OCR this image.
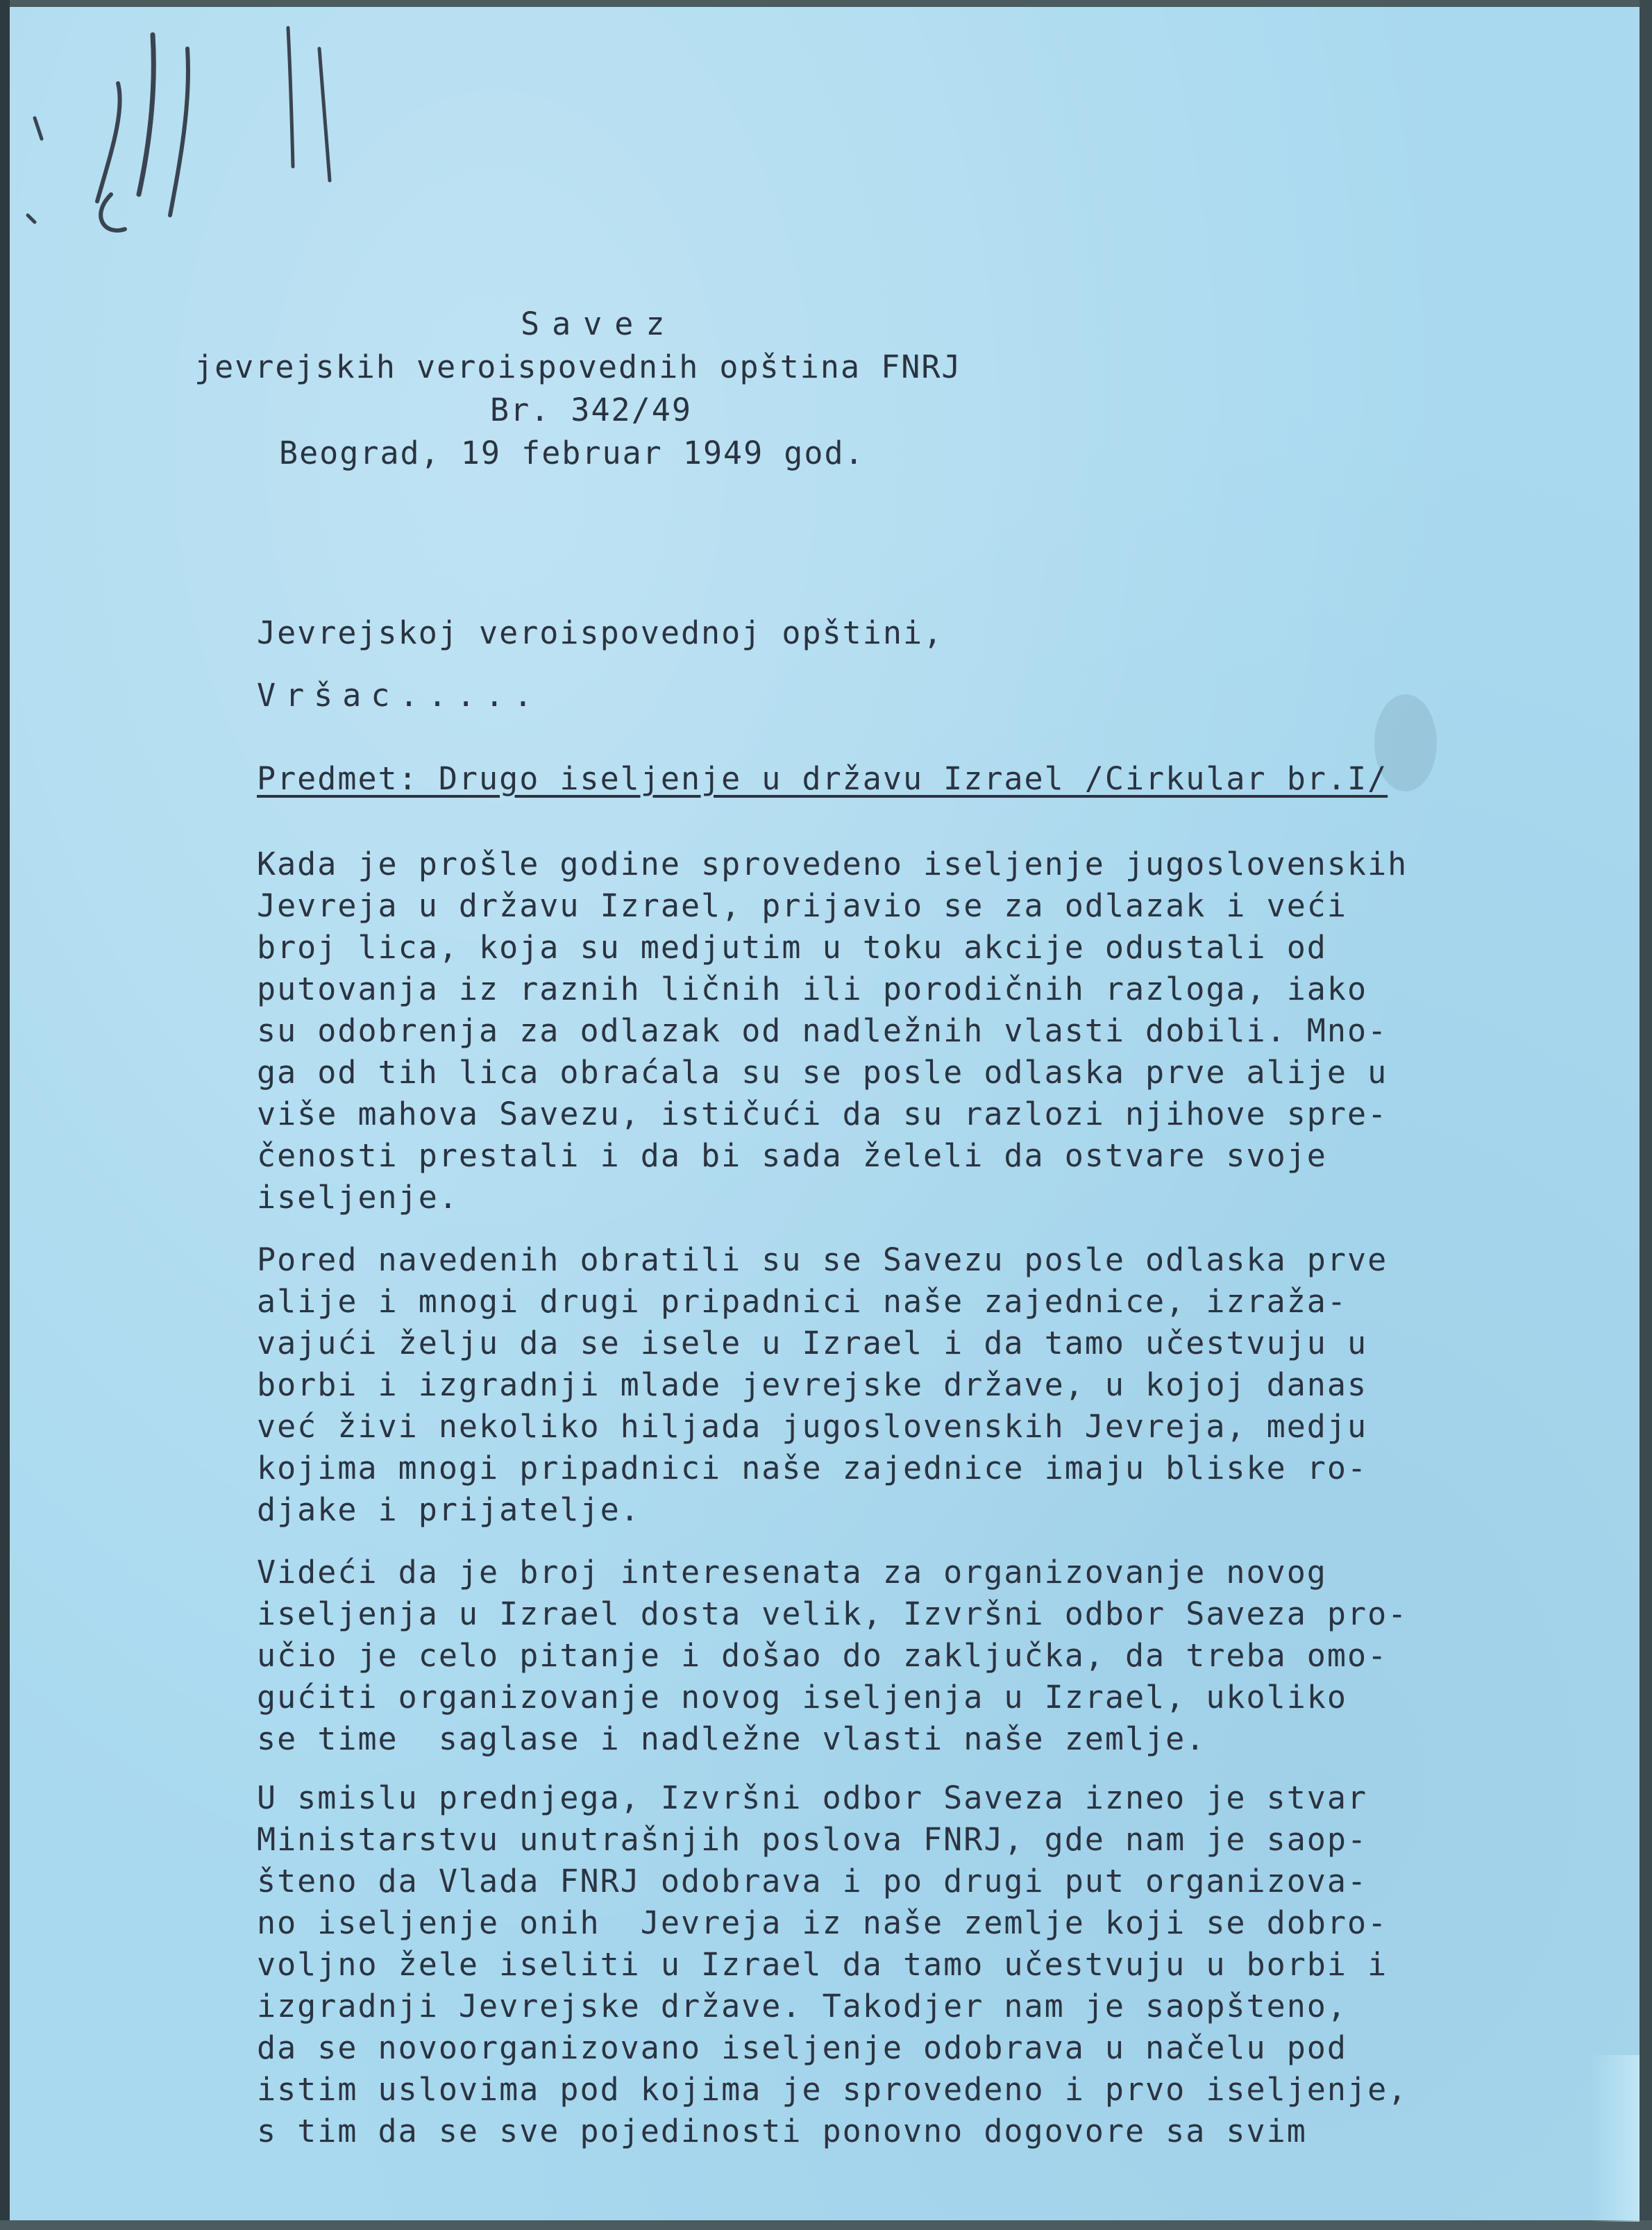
Savez

jevrejskih veroispovednih opština FNRJ

Br. 342/49

Beograd, 19 februar 1949 god.

Jevrejskoj veroispovednoj opštini,

Vršac.....

Predmet: Drugo iseljenje u državu Izrael /Cirkular br.I/

Kada je prošle godine sprovedeno iseljenje jugoslovenskih
Jevreja u državu Izrael, prijavio se za odlazak i veći
broj lica, koja su medjutim u toku akcije odustali od
putovanja iz raznih ličnih ili porodičnih razloga, iako
su odobrenja za odlazak od nadležnih vlasti dobili. Mno-
ga od tih lica obraćala su se posle odlaska prve alije u
više mahova Savezu, ističući da su razlozi njihove spre-
čenosti prestali i da bi sada želeli da ostvare svoje
iseljenje.
Pored navedenih obratili su se Savezu posle odlaska prve
alije i mnogi drugi pripadnici naše zajednice, izraža-
vajući želju da se isele u Izrael i da tamo učestvuju u
borbi i izgradnji mlade jevrejske države, u kojoj danas
već živi nekoliko hiljada jugoslovenskih Jevreja, medju
kojima mnogi pripadnici naše zajednice imaju bliske ro-
djake i prijatelje.
Videći da je broj interesenata za organizovanje novog
iseljenja u Izrael dosta velik, Izvršni odbor Saveza pro-
učio je celo pitanje i došao do zaključka, da treba omo-
gućiti organizovanje novog iseljenja u Izrael, ukoliko
se time  saglase i nadležne vlasti naše zemlje.
U smislu prednjega, Izvršni odbor Saveza izneo je stvar
Ministarstvu unutrašnjih poslova FNRJ, gde nam je saop-
šteno da Vlada FNRJ odobrava i po drugi put organizova-
no iseljenje onih  Jevreja iz naše zemlje koji se dobro-
voljno žele iseliti u Izrael da tamo učestvuju u borbi i
izgradnji Jevrejske države. Takodjer nam je saopšteno,
da se novoorganizovano iseljenje odobrava u načelu pod
istim uslovima pod kojima je sprovedeno i prvo iseljenje,
s tim da se sve pojedinosti ponovno dogovore sa svim
